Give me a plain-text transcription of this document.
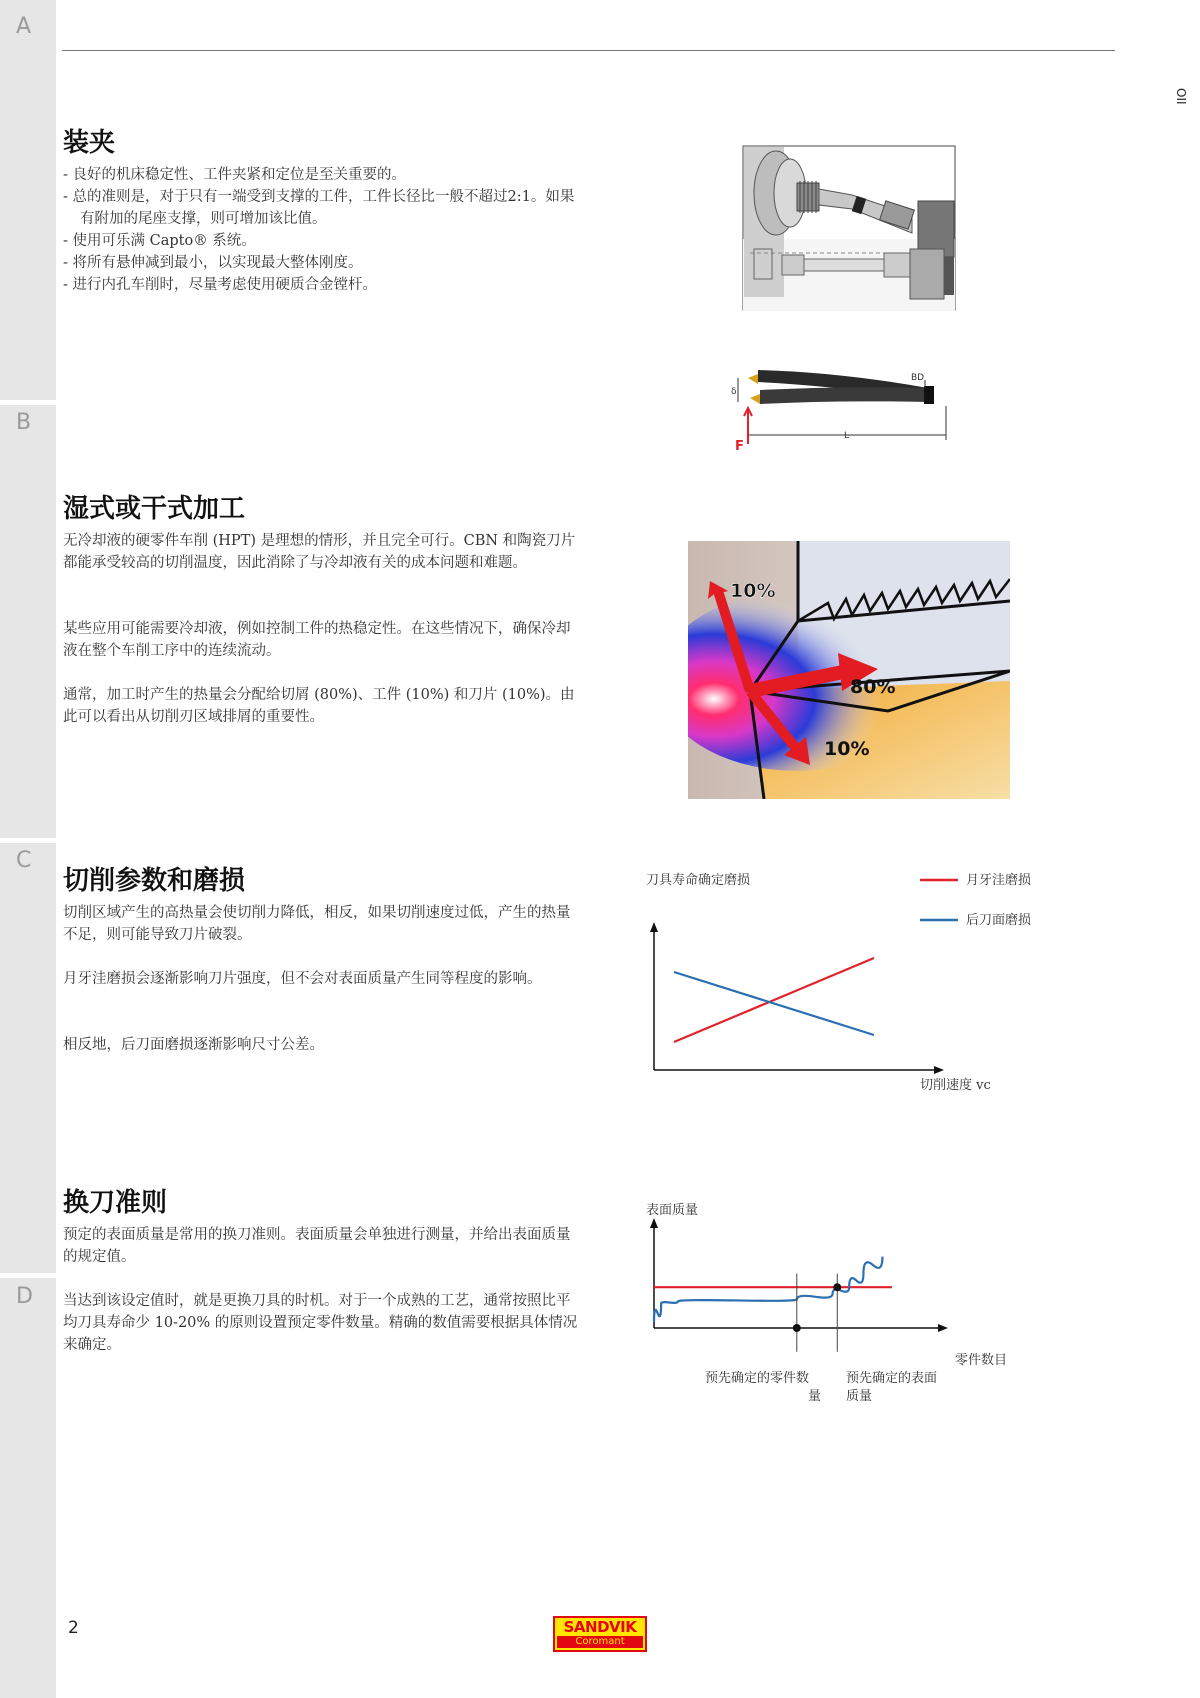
A
B
C
D
OII
装夹
- 良好的机床稳定性、工件夹紧和定位是至关重要的。
- 总的准则是，对于只有一端受到支撑的工件，工件长径比一般不超过2:1。如果有附加的尾座支撑，则可增加该比值。
- 使用可乐满 Capto® 系统。
- 将所有悬伸减到最小，以实现最大整体刚度。
- 进行内孔车削时，尽量考虑使用硬质合金镗杆。
δ
BD
L
F
湿式或干式加工

无冷却液的硬零件车削 (HPT) 是理想的情形，并且完全可行。CBN 和陶瓷刀片都能承受较高的切削温度，因此消除了与冷却液有关的成本问题和难题。

某些应用可能需要冷却液，例如控制工件的热稳定性。在这些情况下，确保冷却液在整个车削工序中的连续流动。

通常，加工时产生的热量会分配给切屑 (80%)、工件 (10%) 和刀片 (10%)。由此可以看出从切削刃区域排屑的重要性。

10%
80%
10%
切削参数和磨损

切削区域产生的高热量会使切削力降低，相反，如果切削速度过低，产生的热量不足，则可能导致刀片破裂。

月牙洼磨损会逐渐影响刀片强度，但不会对表面质量产生同等程度的影响。

相反地，后刀面磨损逐渐影响尺寸公差。

刀具寿命确定磨损	月牙洼磨损
后刀面磨损
切削速度 vc
换刀准则

预定的表面质量是常用的换刀准则。表面质量会单独进行测量，并给出表面质量的规定值。

当达到该设定值时，就是更换刀具的时机。对于一个成熟的工艺，通常按照比平均刀具寿命少 10-20% 的原则设置预定零件数量。精确的数值需要根据具体情况来确定。

表面质量
零件数目
预先确定的零件数
量
预先确定的表面
质量
2	SANDVIK
Coromant
